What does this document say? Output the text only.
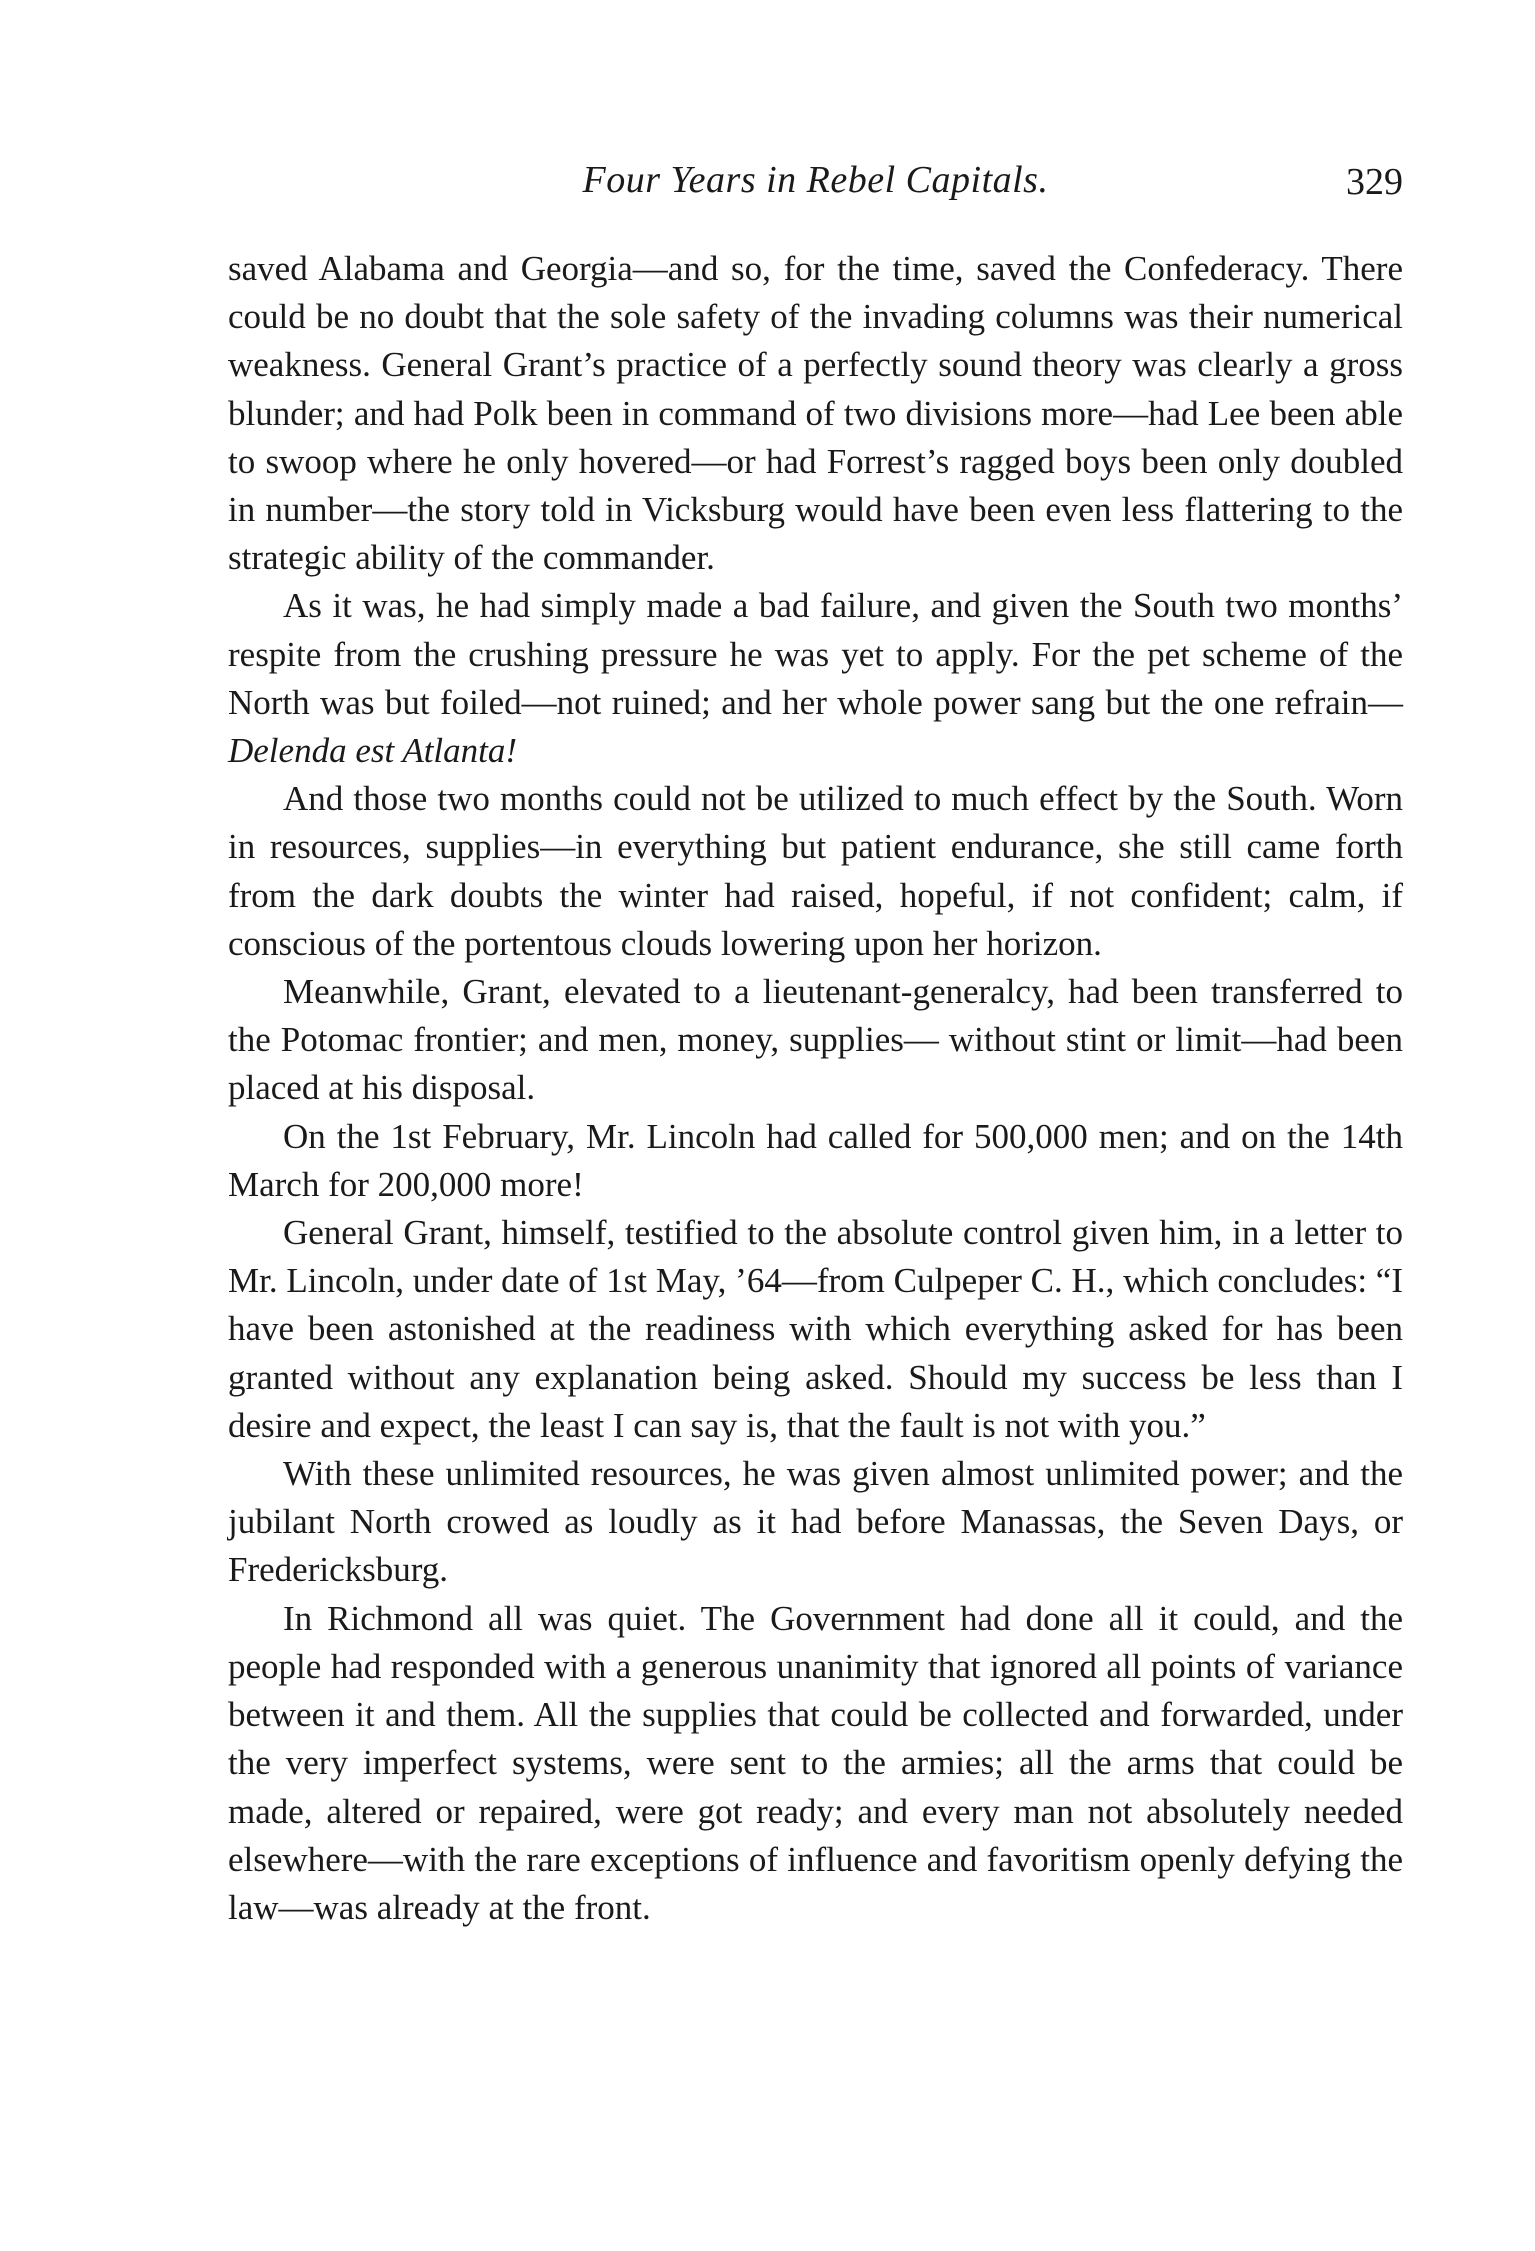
Four Years in Rebel Capitals.	329

saved Alabama and Georgia—and so, for the time, saved the Confederacy. There could be no doubt that the sole safety of the invading columns was their numerical weakness. General Grant’s practice of a perfectly sound theory was clearly a gross blunder; and had Polk been in command of two divisions more—had Lee been able to swoop where he only hovered—or had Forrest’s ragged boys been only doubled in number—the story told in Vicksburg would have been even less flattering to the strategic ability of the commander.

As it was, he had simply made a bad failure, and given the South two months’ respite from the crushing pressure he was yet to apply. For the pet scheme of the North was but foiled—not ruined; and her whole power sang but the one refrain—Delenda est Atlanta!

And those two months could not be utilized to much effect by the South. Worn in resources, supplies—in everything but patient endurance, she still came forth from the dark doubts the winter had raised, hopeful, if not confident; calm, if conscious of the portentous clouds lowering upon her horizon.

Meanwhile, Grant, elevated to a lieutenant-generalcy, had been transferred to the Potomac frontier; and men, money, supplies— without stint or limit—had been placed at his disposal.

On the 1st February, Mr. Lincoln had called for 500,000 men; and on the 14th March for 200,000 more!

General Grant, himself, testified to the absolute control given him, in a letter to Mr. Lincoln, under date of 1st May, ’64—from Culpeper C. H., which concludes: “I have been astonished at the readiness with which everything asked for has been granted without any explanation being asked. Should my success be less than I desire and expect, the least I can say is, that the fault is not with you.”

With these unlimited resources, he was given almost unlimited power; and the jubilant North crowed as loudly as it had before Manassas, the Seven Days, or Fredericksburg.

In Richmond all was quiet. The Government had done all it could, and the people had responded with a generous unanimity that ignored all points of variance between it and them. All the supplies that could be collected and forwarded, under the very imperfect systems, were sent to the armies; all the arms that could be made, altered or repaired, were got ready; and every man not absolutely needed elsewhere—with the rare exceptions of influence and favoritism openly defying the law—was already at the front.
